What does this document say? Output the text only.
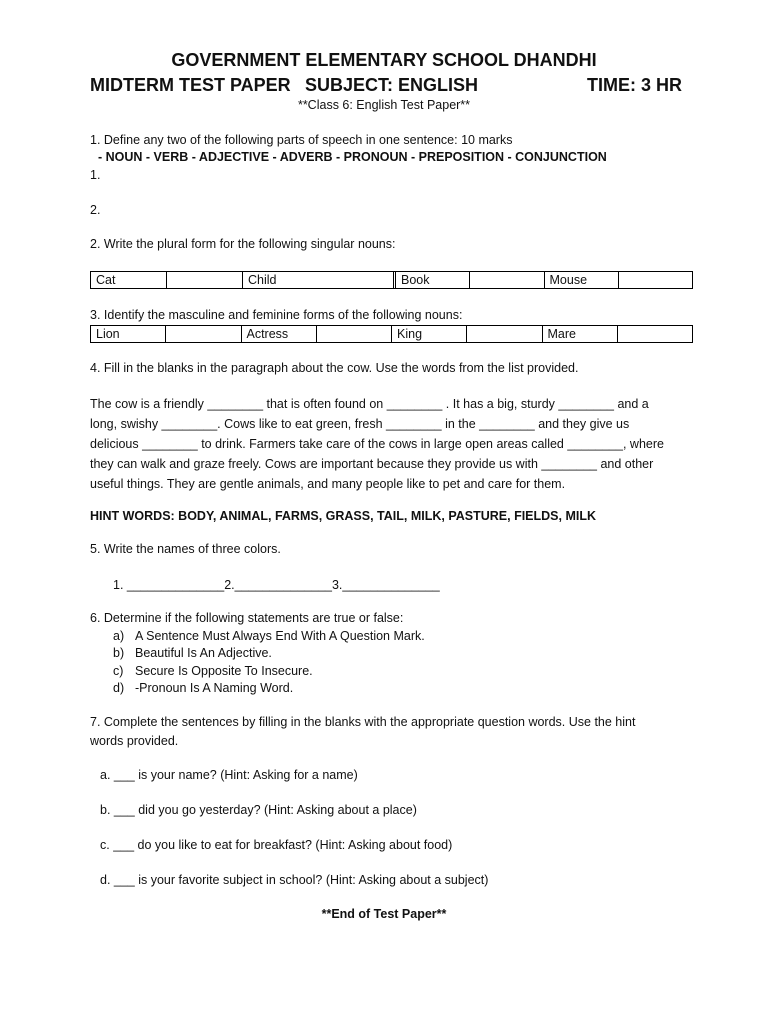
GOVERNMENT ELEMENTARY SCHOOL DHANDHI
MIDTERM TEST PAPER SUBJECT: ENGLISH	TIME: 3 HR
**Class 6: English Test Paper**
1. Define any two of the following parts of speech in one sentence: 10 marks
- NOUN - VERB - ADJECTIVE - ADVERB - PRONOUN - PREPOSITION - CONJUNCTION
1.
2.
2. Write the plural form for the following singular nouns:
Cat		Child		Book		Mouse	
3. Identify the masculine and feminine forms of the following nouns:
Lion		Actress		King		Mare	
4. Fill in the blanks in the paragraph about the cow. Use the words from the list provided.

The cow is a friendly ________ that is often found on ________ . It has a big, sturdy ________ and a

long, swishy ________. Cows like to eat green, fresh ________ in the ________ and they give us

delicious ________ to drink. Farmers take care of the cows in large open areas called ________, where

they can walk and graze freely. Cows are important because they provide us with ________ and other

useful things. They are gentle animals, and many people like to pet and care for them.

HINT WORDS: BODY, ANIMAL, FARMS, GRASS, TAIL, MILK, PASTURE, FIELDS, MILK
5. Write the names of three colors.
1. ______________2.______________3.______________
6. Determine if the following statements are true or false:
a) A Sentence Must Always End With A Question Mark.
b) Beautiful Is An Adjective.
c) Secure Is Opposite To Insecure.
d) -Pronoun Is A Naming Word.
7. Complete the sentences by filling in the blanks with the appropriate question words. Use the hint
words provided.
a. ___ is your name? (Hint: Asking for a name)
b. ___ did you go yesterday? (Hint: Asking about a place)
c. ___ do you like to eat for breakfast? (Hint: Asking about food)
d. ___ is your favorite subject in school? (Hint: Asking about a subject)
**End of Test Paper**
